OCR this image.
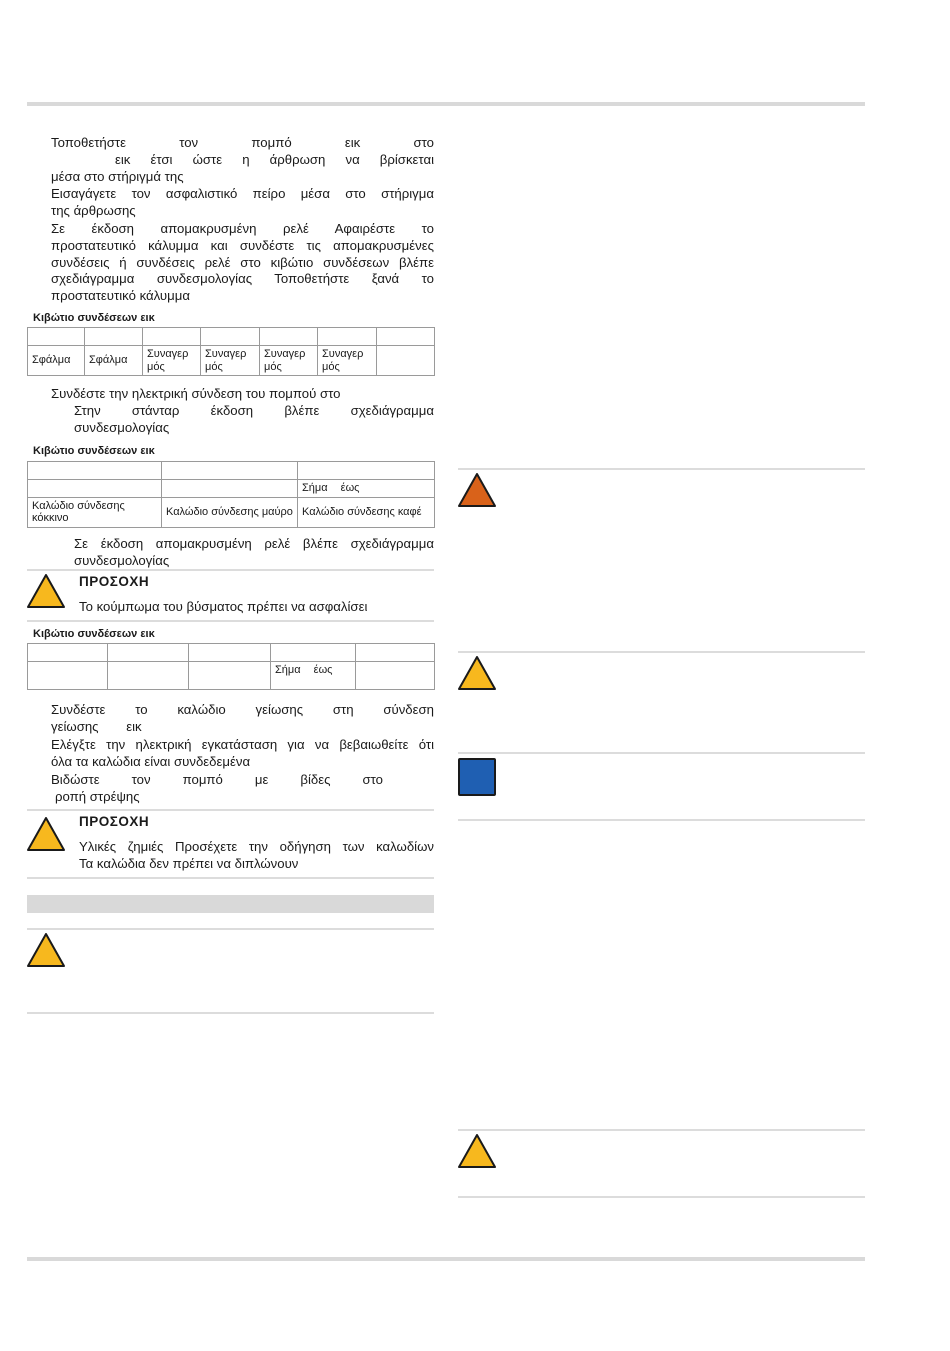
Τοποθετήστε τον πομπό εικ στο
εικ έτσι ώστε η άρθρωση να βρίσκεται
μέσα στο στήριγμά της
Εισαγάγετε τον ασφαλιστικό πείρο μέσα στο στήριγμα
της άρθρωσης
Σε έκδοση απομακρυσμένη ρελέ Αφαιρέστε το
προστατευτικό κάλυμμα και συνδέστε τις απομακρυσμένες
συνδέσεις ή συνδέσεις ρελέ στο κιβώτιο συνδέσεων βλέπε
σχεδιάγραμμα συνδεσμολογίας Τοποθετήστε ξανά το
προστατευτικό κάλυμμα
Κιβώτιο συνδέσεων εικ

Σφάλμα	Σφάλμα	Συναγερ μός	Συναγερ μός	Συναγερ μός	Συναγερ μός	
Συνδέστε την ηλεκτρική σύνδεση του πομπού στο
Στην στάνταρ έκδοση βλέπε σχεδιάγραμμα
συνδεσμολογίας
Κιβώτιο συνδέσεων εικ

		Σήμα έως
Καλώδιο σύνδεσης κόκκινο	Καλώδιο σύνδεσης μαύρο	Καλώδιο σύνδεσης καφέ
Σε έκδοση απομακρυσμένη ρελέ βλέπε σχεδιάγραμμα
συνδεσμολογίας
ΠΡΟΣΟΧΗ
Το κούμπωμα του βύσματος πρέπει να ασφαλίσει
Κιβώτιο συνδέσεων εικ

			Σήμα έως	
Συνδέστε το καλώδιο γείωσης στη σύνδεση
γείωσης εικ
Ελέγξτε την ηλεκτρική εγκατάσταση για να βεβαιωθείτε ότι
όλα τα καλώδια είναι συνδεδεμένα
Βιδώστε τον πομπό με βίδες στο
ροπή στρέψης
ΠΡΟΣΟΧΗ
Υλικές ζημιές Προσέχετε την οδήγηση των καλωδίων
Τα καλώδια δεν πρέπει να διπλώνουν
